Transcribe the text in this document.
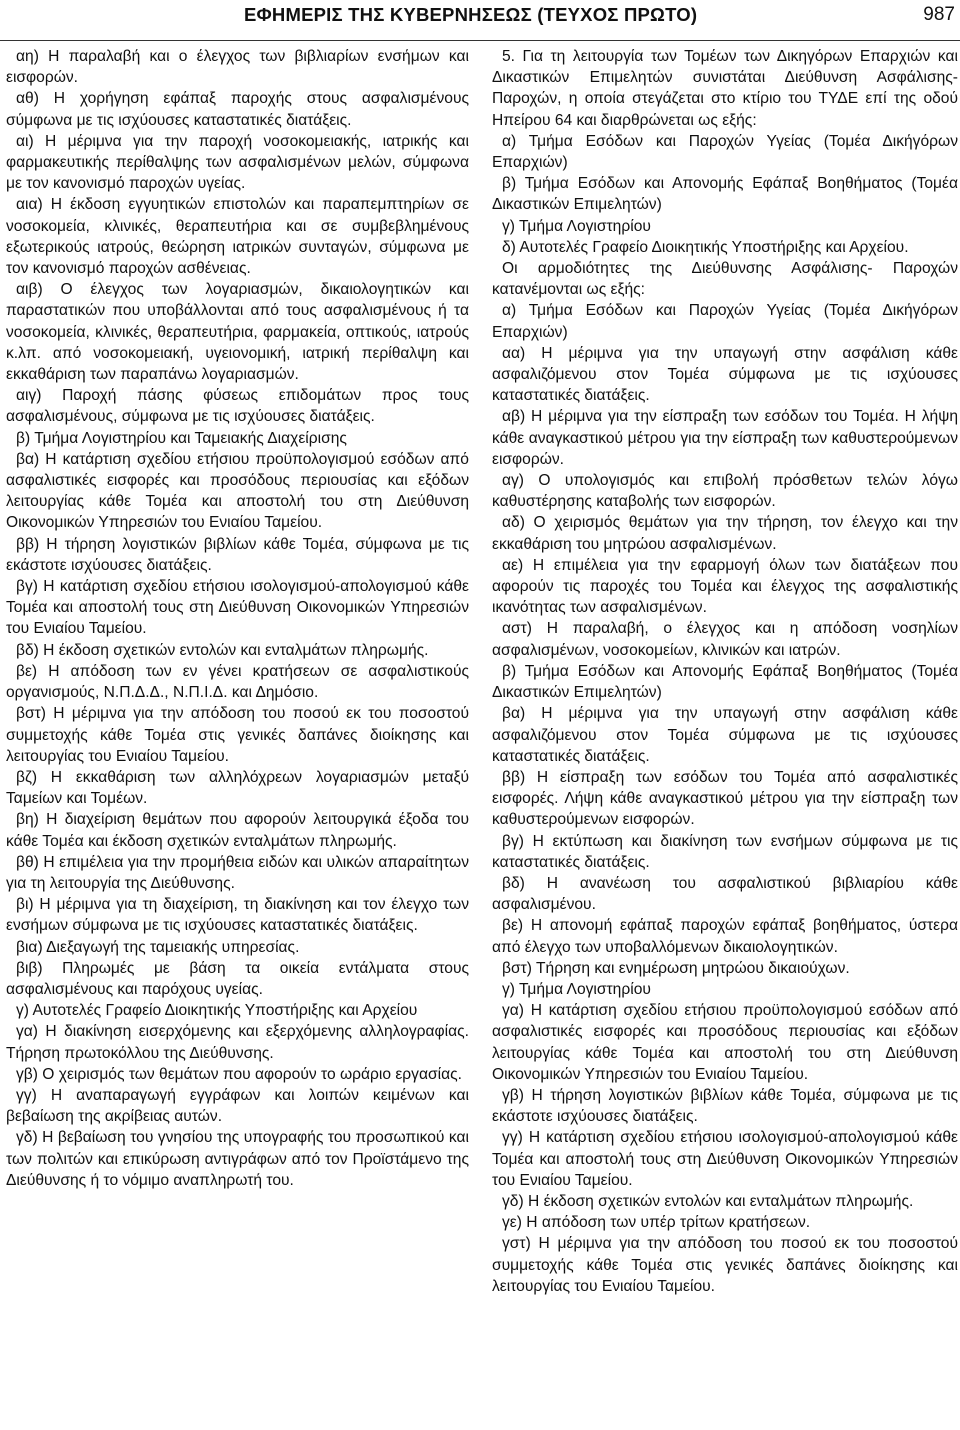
ΕΦΗΜΕΡΙΣ ΤΗΣ ΚΥΒΕΡΝΗΣΕΩΣ (ΤΕΥΧΟΣ ΠΡΩΤΟ)	987

αη) Η παραλαβή και ο έλεγχος των βιβλιαρίων ενσήμων και εισφορών.

αθ) Η χορήγηση εφάπαξ παροχής στους ασφαλισμένους σύμφωνα με τις ισχύουσες καταστατικές διατάξεις.

αι) Η μέριμνα για την παροχή νοσοκομειακής, ιατρικής και φαρμακευτικής περίθαλψης των ασφαλισμένων μελών, σύμφωνα με τον κανονισμό παροχών υγείας.

αια) Η έκδοση εγγυητικών επιστολών και παραπεμπτηρίων σε νοσοκομεία, κλινικές, θεραπευτήρια και σε συμβεβλημένους εξωτερικούς ιατρούς, θεώρηση ιατρικών συνταγών, σύμφωνα με τον κανονισμό παροχών ασθένειας.

αιβ) Ο έλεγχος των λογαριασμών, δικαιολογητικών και παραστατικών που υποβάλλονται από τους ασφαλισμένους ή τα νοσοκομεία, κλινικές, θεραπευτήρια, φαρμακεία, οπτικούς, ιατρούς κ.λπ. από νοσοκομειακή, υγειονομική, ιατρική περίθαλψη και εκκαθάριση των παραπάνω λογαριασμών.

αιγ) Παροχή πάσης φύσεως επιδομάτων προς τους ασφαλισμένους, σύμφωνα με τις ισχύουσες διατάξεις.

β) Τμήμα Λογιστηρίου και Ταμειακής Διαχείρισης

βα) Η κατάρτιση σχεδίου ετήσιου προϋπολογισμού εσόδων από ασφαλιστικές εισφορές και προσόδους περιουσίας και εξόδων λειτουργίας κάθε Τομέα και αποστολή του στη Διεύθυνση Οικονομικών Υπηρεσιών του Ενιαίου Ταμείου.

ββ) Η τήρηση λογιστικών βιβλίων κάθε Τομέα, σύμφωνα με τις εκάστοτε ισχύουσες διατάξεις.

βγ) Η κατάρτιση σχεδίου ετήσιου ισολογισμού-απολογισμού κάθε Τομέα και αποστολή τους στη Διεύθυνση Οικονομικών Υπηρεσιών του Ενιαίου Ταμείου.

βδ) Η έκδοση σχετικών εντολών και ενταλμάτων πληρωμής.

βε) Η απόδοση των εν γένει κρατήσεων σε ασφαλιστικούς οργανισμούς, Ν.Π.Δ.Δ., Ν.Π.Ι.Δ. και Δημόσιο.

βστ) Η μέριμνα για την απόδοση του ποσού εκ του ποσοστού συμμετοχής κάθε Τομέα στις γενικές δαπάνες διοίκησης και λειτουργίας του Ενιαίου Ταμείου.

βζ) Η εκκαθάριση των αλληλόχρεων λογαριασμών μεταξύ Ταμείων και Τομέων.

βη) Η διαχείριση θεμάτων που αφορούν λειτουργικά έξοδα του κάθε Τομέα και έκδοση σχετικών ενταλμάτων πληρωμής.

βθ) Η επιμέλεια για την προμήθεια ειδών και υλικών απαραίτητων για τη λειτουργία της Διεύθυνσης.

βι) Η μέριμνα για τη διαχείριση, τη διακίνηση και τον έλεγχο των ενσήμων σύμφωνα με τις ισχύουσες καταστατικές διατάξεις.

βια) Διεξαγωγή της ταμειακής υπηρεσίας.

βιβ) Πληρωμές με βάση τα οικεία εντάλματα στους ασφαλισμένους και παρόχους υγείας.

γ) Αυτοτελές Γραφείο Διοικητικής Υποστήριξης και Αρχείου

γα) Η διακίνηση εισερχόμενης και εξερχόμενης αλληλογραφίας. Τήρηση πρωτοκόλλου της Διεύθυνσης.

γβ) Ο χειρισμός των θεμάτων που αφορούν το ωράριο εργασίας.

γγ) Η αναπαραγωγή εγγράφων και λοιπών κειμένων και βεβαίωση της ακρίβειας αυτών.

γδ) Η βεβαίωση του γνησίου της υπογραφής του προσωπικού και των πολιτών και επικύρωση αντιγράφων από τον Προϊστάμενο της Διεύθυνσης ή το νόμιμο αναπληρωτή του.

5. Για τη λειτουργία των Τομέων των Δικηγόρων Επαρχιών και Δικαστικών Επιμελητών συνιστάται Διεύθυνση Ασφάλισης-Παροχών, η οποία στεγάζεται στο κτίριο του ΤΥΔΕ επί της οδού Ηπείρου 64 και διαρθρώνεται ως εξής:

α) Τμήμα Εσόδων και Παροχών Υγείας (Τομέα Δικήγόρων Επαρχιών)

β) Τμήμα Εσόδων και Απονομής Εφάπαξ Βοηθήματος (Τομέα Δικαστικών Επιμελητών)

γ) Τμήμα Λογιστηρίου

δ) Αυτοτελές Γραφείο Διοικητικής Υποστήριξης και Αρχείου.

Οι αρμοδιότητες της Διεύθυνσης Ασφάλισης- Παροχών κατανέμονται ως εξής:

α) Τμήμα Εσόδων και Παροχών Υγείας (Τομέα Δικήγόρων Επαρχιών)

αα) Η μέριμνα για την υπαγωγή στην ασφάλιση κάθε ασφαλιζόμενου στον Τομέα σύμφωνα με τις ισχύουσες καταστατικές διατάξεις.

αβ) Η μέριμνα για την είσπραξη των εσόδων του Τομέα. Η λήψη κάθε αναγκαστικού μέτρου για την είσπραξη των καθυστερούμενων εισφορών.

αγ) Ο υπολογισμός και επιβολή πρόσθετων τελών λόγω καθυστέρησης καταβολής των εισφορών.

αδ) Ο χειρισμός θεμάτων για την τήρηση, τον έλεγχο και την εκκαθάριση του μητρώου ασφαλισμένων.

αε) Η επιμέλεια για την εφαρμογή όλων των διατάξεων που αφορούν τις παροχές του Τομέα και έλεγχος της ασφαλιστικής ικανότητας των ασφαλισμένων.

αστ) Η παραλαβή, ο έλεγχος και η απόδοση νοσηλίων ασφαλισμένων, νοσοκομείων, κλινικών και ιατρών.

β) Τμήμα Εσόδων και Απονομής Εφάπαξ Βοηθήματος (Τομέα Δικαστικών Επιμελητών)

βα) Η μέριμνα για την υπαγωγή στην ασφάλιση κάθε ασφαλιζόμενου στον Τομέα σύμφωνα με τις ισχύουσες καταστατικές διατάξεις.

ββ) Η είσπραξη των εσόδων του Τομέα από ασφαλιστικές εισφορές. Λήψη κάθε αναγκαστικού μέτρου για την είσπραξη των καθυστερούμενων εισφορών.

βγ) Η εκτύπωση και διακίνηση των ενσήμων σύμφωνα με τις καταστατικές διατάξεις.

βδ) Η ανανέωση του ασφαλιστικού βιβλιαρίου κάθε ασφαλισμένου.

βε) Η απονομή εφάπαξ παροχών εφάπαξ βοηθήματος, ύστερα από έλεγχο των υποβαλλόμενων δικαιολογητικών.

βστ) Τήρηση και ενημέρωση μητρώου δικαιούχων.

γ) Τμήμα Λογιστηρίου

γα) Η κατάρτιση σχεδίου ετήσιου προϋπολογισμού εσόδων από ασφαλιστικές εισφορές και προσόδους περιουσίας και εξόδων λειτουργίας κάθε Τομέα και αποστολή του στη Διεύθυνση Οικονομικών Υπηρεσιών του Ενιαίου Ταμείου.

γβ) Η τήρηση λογιστικών βιβλίων κάθε Τομέα, σύμφωνα με τις εκάστοτε ισχύουσες διατάξεις.

γγ) Η κατάρτιση σχεδίου ετήσιου ισολογισμού-απολογισμού κάθε Τομέα και αποστολή τους στη Διεύθυνση Οικονομικών Υπηρεσιών του Ενιαίου Ταμείου.

γδ) Η έκδοση σχετικών εντολών και ενταλμάτων πληρωμής.

γε) Η απόδοση των υπέρ τρίτων κρατήσεων.

γστ) Η μέριμνα για την απόδοση του ποσού εκ του ποσοστού συμμετοχής κάθε Τομέα στις γενικές δαπάνες διοίκησης και λειτουργίας του Ενιαίου Ταμείου.
